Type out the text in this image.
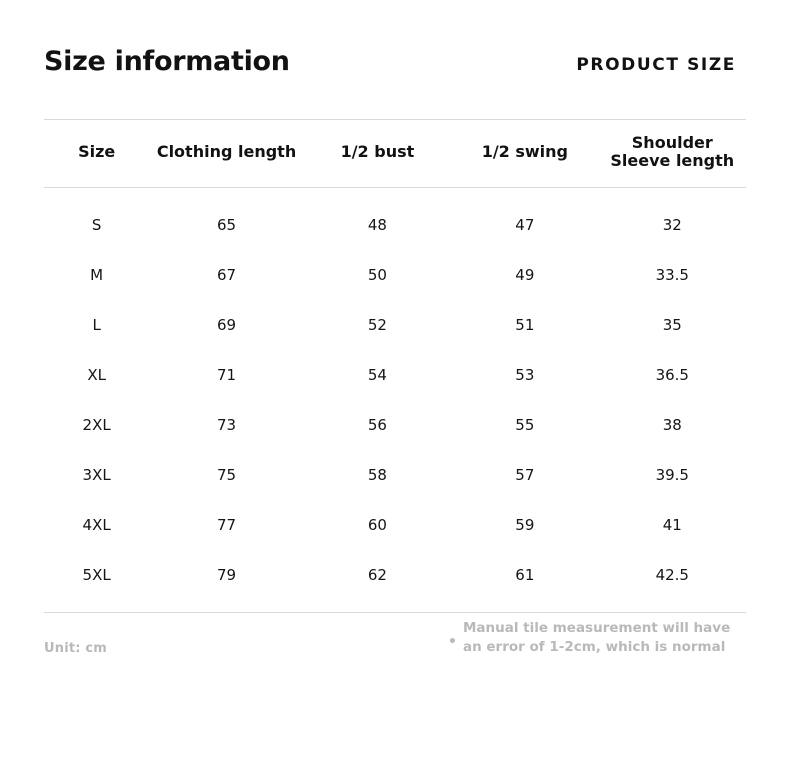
Size information	PRODUCT SIZE
Size	Clothing length	1/2 bust	1/2 swing	Shoulder Sleeve length
S	65	48	47	32
M	67	50	49	33.5
L	69	52	51	35
XL	71	54	53	36.5
2XL	73	56	55	38
3XL	75	58	57	39.5
4XL	77	60	59	41
5XL	79	62	61	42.5
Unit: cm	•
Manual tile measurement will have an error of 1-2cm, which is normal
